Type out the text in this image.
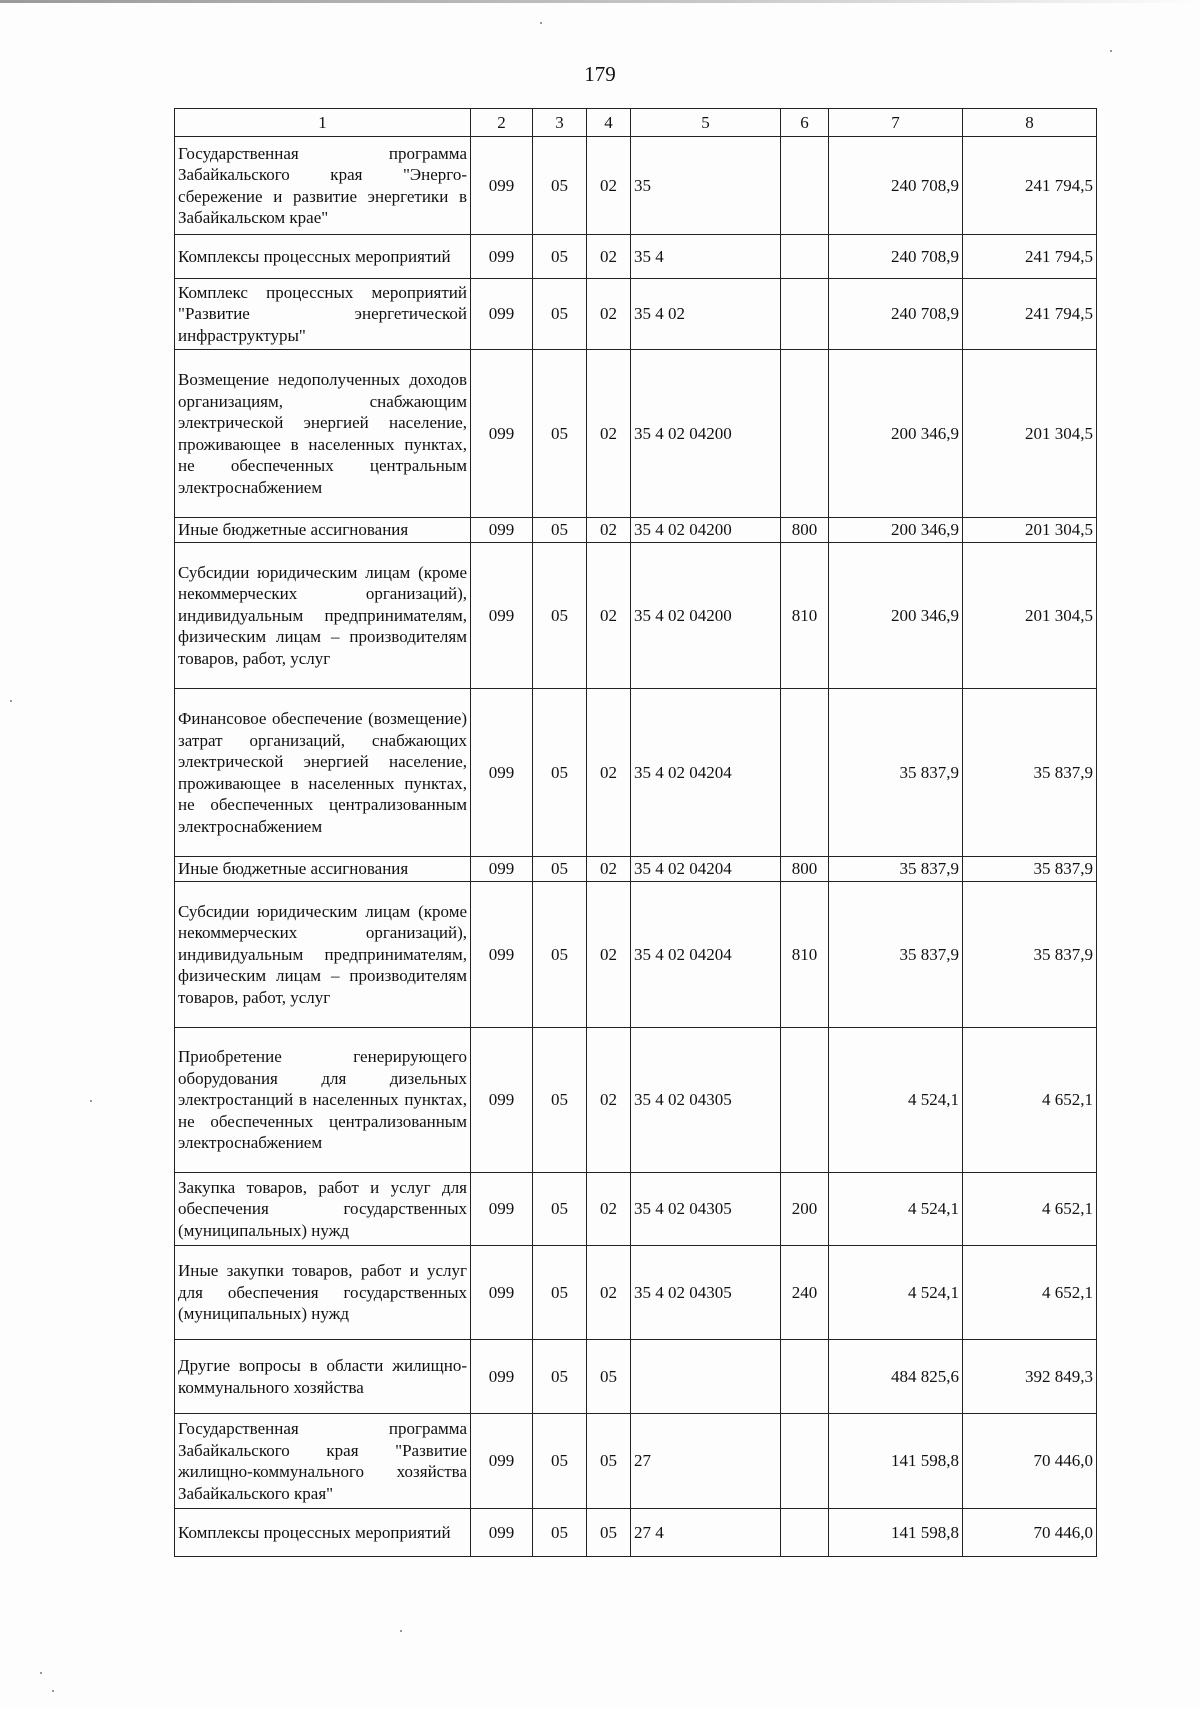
179
1	2	3	4	5	6	7	8
Государственная программа Забайкальского края "Энергосбережение и развитие энергетики в Забайкальском крае"	099	05	02	35		240 708,9	241 794,5
Комплексы процессных мероприятий	099	05	02	35 4		240 708,9	241 794,5
Комплекс процессных мероприятий "Развитие энергетической инфраструктуры"	099	05	02	35 4 02		240 708,9	241 794,5
Возмещение недополученных доходов организациям, снабжающим электрической энергией население, проживающее в населенных пунктах, не обеспеченных центральным электроснабжением	099	05	02	35 4 02 04200		200 346,9	201 304,5
Иные бюджетные ассигнования	099	05	02	35 4 02 04200	800	200 346,9	201 304,5
Субсидии юридическим лицам (кроме некоммерческих организаций), индивидуальным предпринимателям, физическим лицам – производителям товаров, работ, услуг	099	05	02	35 4 02 04200	810	200 346,9	201 304,5
Финансовое обеспечение (возмещение) затрат организаций, снабжающих электрической энергией население, проживающее в населенных пунктах, не обеспеченных централизованным электроснабжением	099	05	02	35 4 02 04204		35 837,9	35 837,9
Иные бюджетные ассигнования	099	05	02	35 4 02 04204	800	35 837,9	35 837,9
Субсидии юридическим лицам (кроме некоммерческих организаций), индивидуальным предпринимателям, физическим лицам – производителям товаров, работ, услуг	099	05	02	35 4 02 04204	810	35 837,9	35 837,9
Приобретение генерирующего оборудования для дизельных электростанций в населенных пунктах, не обеспеченных централизованным электроснабжением	099	05	02	35 4 02 04305		4 524,1	4 652,1
Закупка товаров, работ и услуг для обеспечения государственных (муниципальных) нужд	099	05	02	35 4 02 04305	200	4 524,1	4 652,1
Иные закупки товаров, работ и услуг для обеспечения государственных (муниципальных) нужд	099	05	02	35 4 02 04305	240	4 524,1	4 652,1
Другие вопросы в области жилищно-коммунального хозяйства	099	05	05			484 825,6	392 849,3
Государственная программа Забайкальского края "Развитие жилищно-коммунального хозяйства Забайкальского края"	099	05	05	27		141 598,8	70 446,0
Комплексы процессных мероприятий	099	05	05	27 4		141 598,8	70 446,0
